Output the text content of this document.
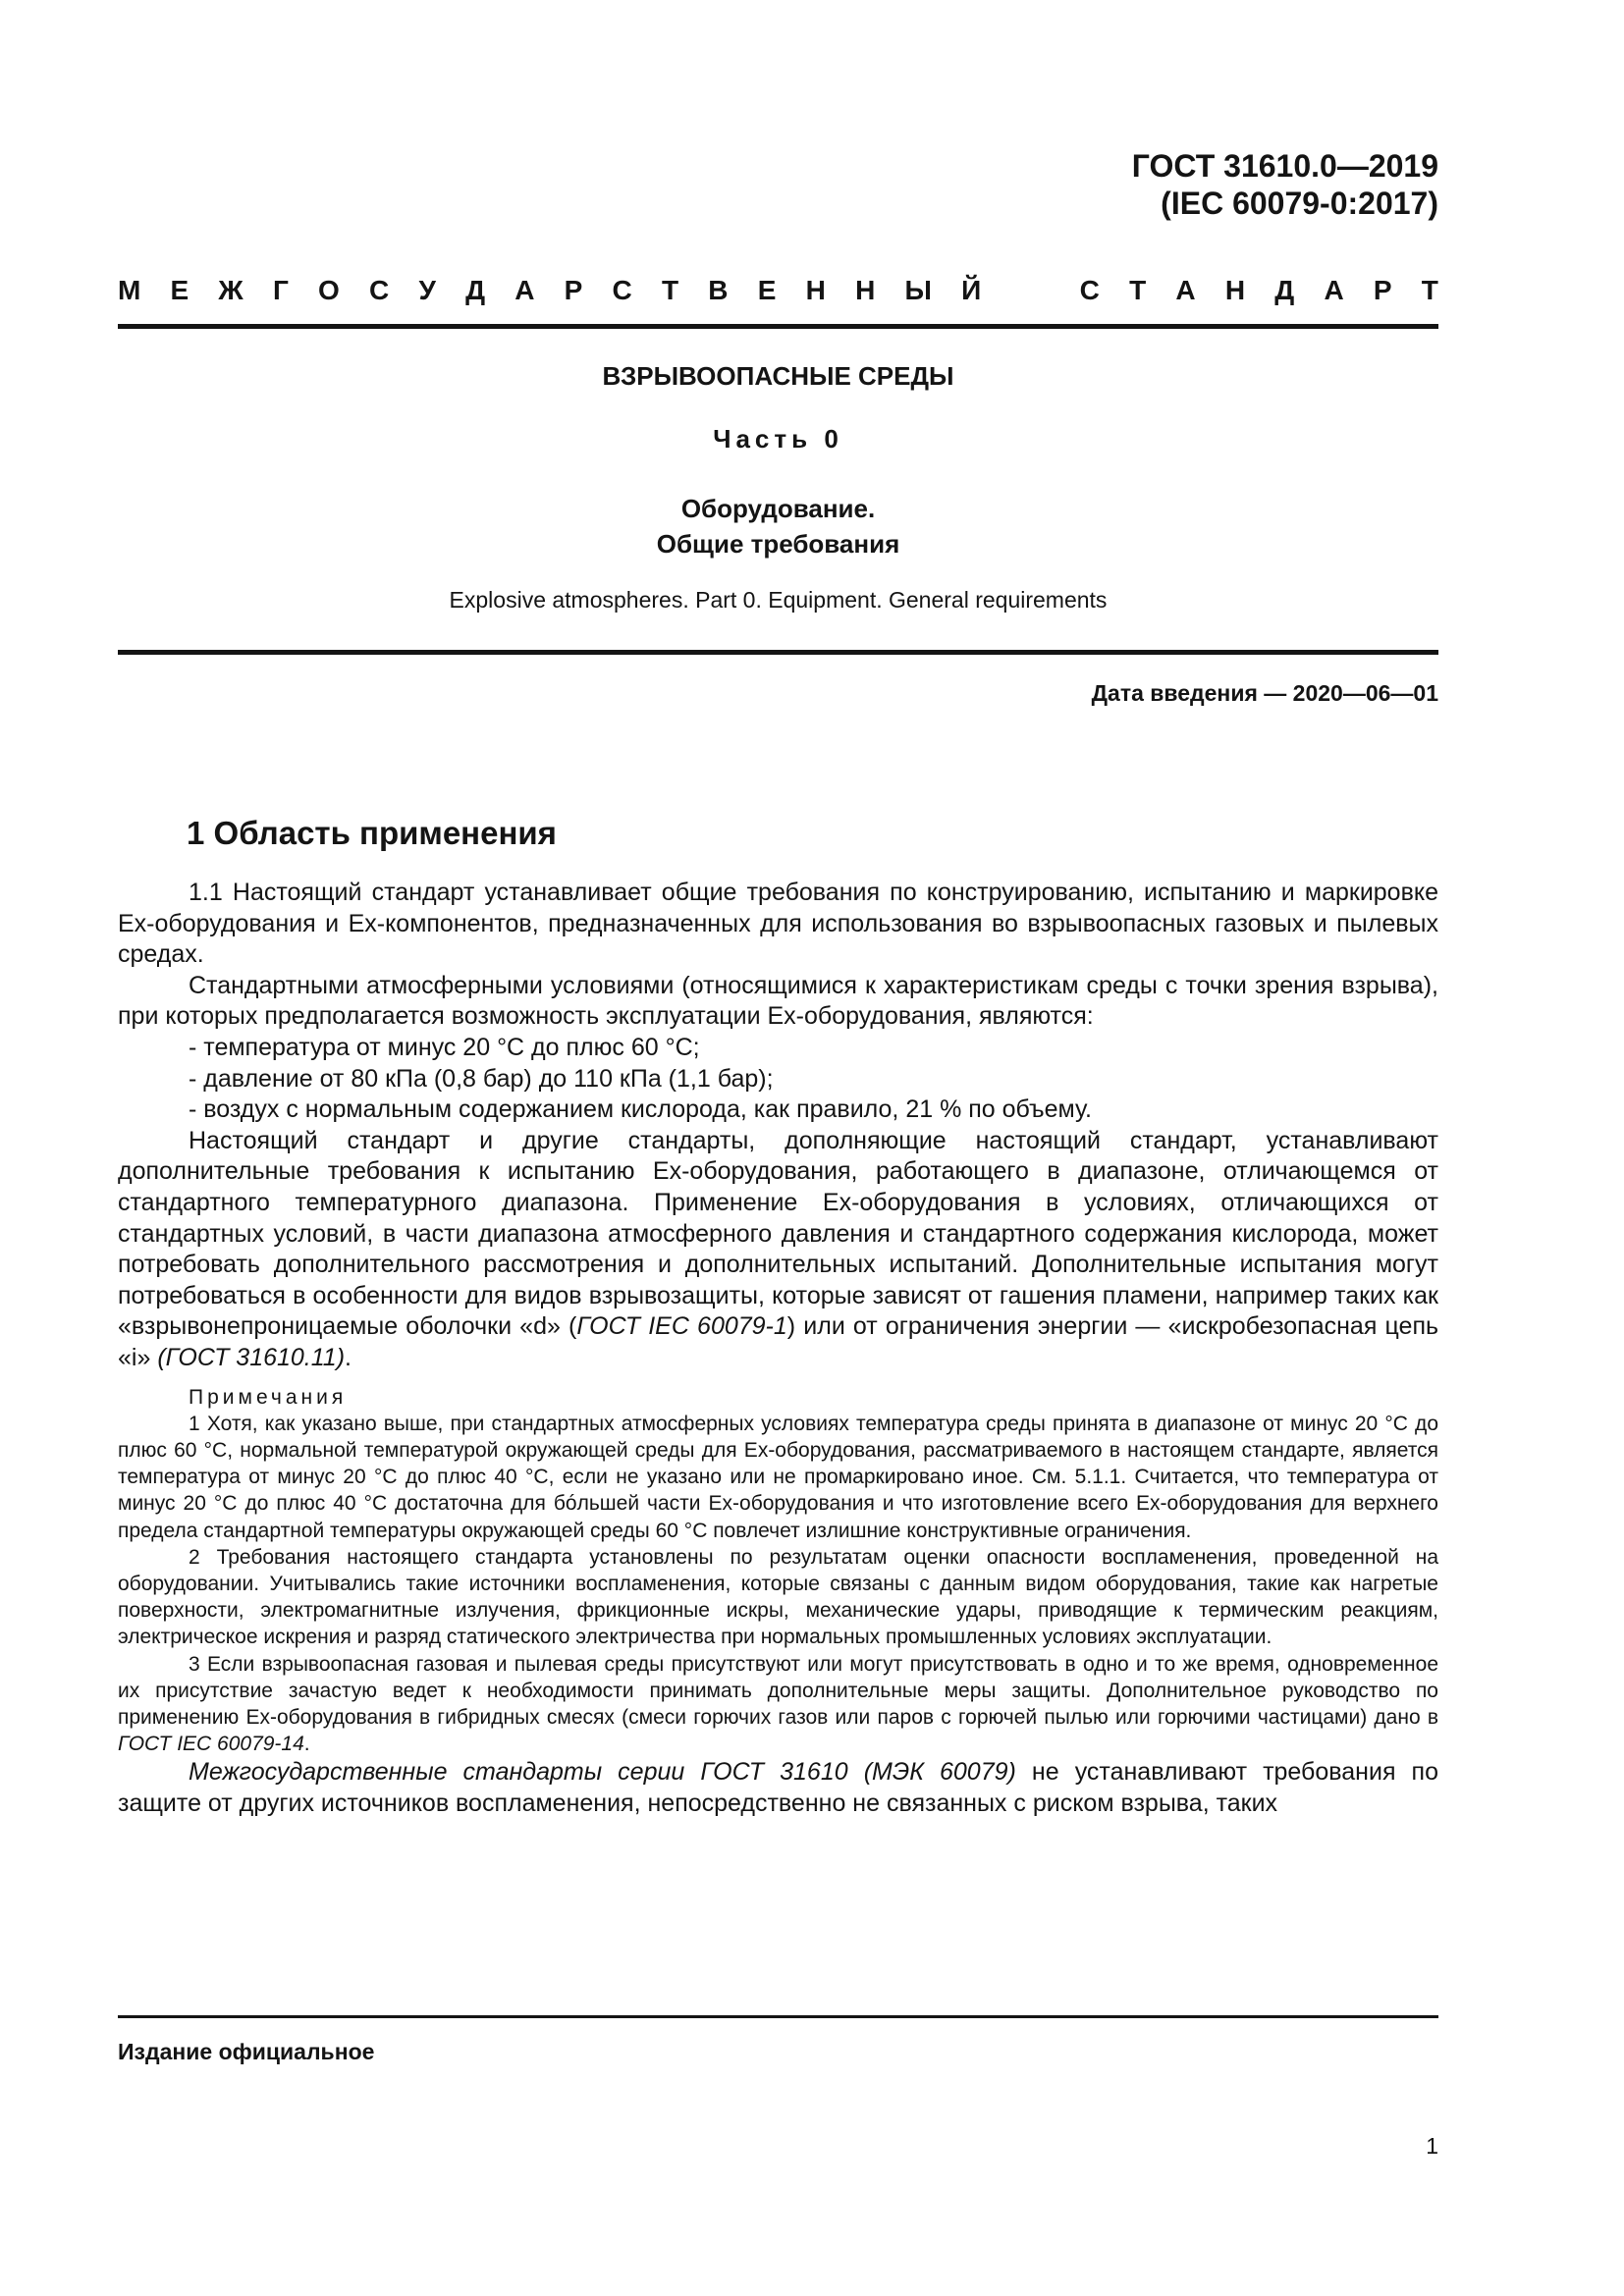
ГОСТ 31610.0—2019
(IEC 60079-0:2017)
М Е Ж Г О С У Д А Р С Т В Е Н Н Ы Й	С Т А Н Д А Р Т
ВЗРЫВООПАСНЫЕ СРЕДЫ
Часть 0
Оборудование.
Общие требования
Explosive atmospheres. Part 0. Equipment. General requirements
Дата введения — 2020—06—01
1 Область применения

1.1 Настоящий стандарт устанавливает общие требования по конструированию, испытанию и маркировке Ex-оборудования и Ex-компонентов, предназначенных для использования во взрывоопасных газовых и пылевых средах.

Стандартными атмосферными условиями (относящимися к характеристикам среды с точки зрения взрыва), при которых предполагается возможность эксплуатации Ex-оборудования, являются:

- температура от минус 20 °С до плюс 60 °С;

- давление от 80 кПа (0,8 бар) до 110 кПа (1,1 бар);

- воздух с нормальным содержанием кислорода, как правило, 21 % по объему.

Настоящий стандарт и другие стандарты, дополняющие настоящий стандарт, устанавливают дополнительные требования к испытанию Ex-оборудования, работающего в диапазоне, отличающемся от стандартного температурного диапазона. Применение Ex-оборудования в условиях, отличающихся от стандартных условий, в части диапазона атмосферного давления и стандартного содержания кислорода, может потребовать дополнительного рассмотрения и дополнительных испытаний. Дополнительные испытания могут потребоваться в особенности для видов взрывозащиты, которые зависят от гашения пламени, например таких как «взрывонепроницаемые оболочки «d» (ГОСТ IEC 60079-1) или от ограничения энергии — «искробезопасная цепь «i» (ГОСТ 31610.11).

Примечания

1 Хотя, как указано выше, при стандартных атмосферных условиях температура среды принята в диапазоне от минус 20 °С до плюс 60 °С, нормальной температурой окружающей среды для Ex-оборудования, рассматриваемого в настоящем стандарте, является температура от минус 20 °С до плюс 40 °С, если не указано или не промаркировано иное. См. 5.1.1. Считается, что температура от минус 20 °С до плюс 40 °С достаточна для бóльшей части Ex-оборудования и что изготовление всего Ex-оборудования для верхнего предела стандартной температуры окружающей среды 60 °С повлечет излишние конструктивные ограничения.

2 Требования настоящего стандарта установлены по результатам оценки опасности воспламенения, проведенной на оборудовании. Учитывались такие источники воспламенения, которые связаны с данным видом оборудования, такие как нагретые поверхности, электромагнитные излучения, фрикционные искры, механические удары, приводящие к термическим реакциям, электрическое искрения и разряд статического электричества при нормальных промышленных условиях эксплуатации.

3 Если взрывоопасная газовая и пылевая среды присутствуют или могут присутствовать в одно и то же время, одновременное их присутствие зачастую ведет к необходимости принимать дополнительные меры защиты. Дополнительное руководство по применению Ex-оборудования в гибридных смесях (смеси горючих газов или паров с горючей пылью или горючими частицами) дано в ГОСТ IEC 60079-14.

Межгосударственные стандарты серии ГОСТ 31610 (МЭК 60079) не устанавливают требования по защите от других источников воспламенения, непосредственно не связанных с риском взрыва, таких

Издание официальное
1
